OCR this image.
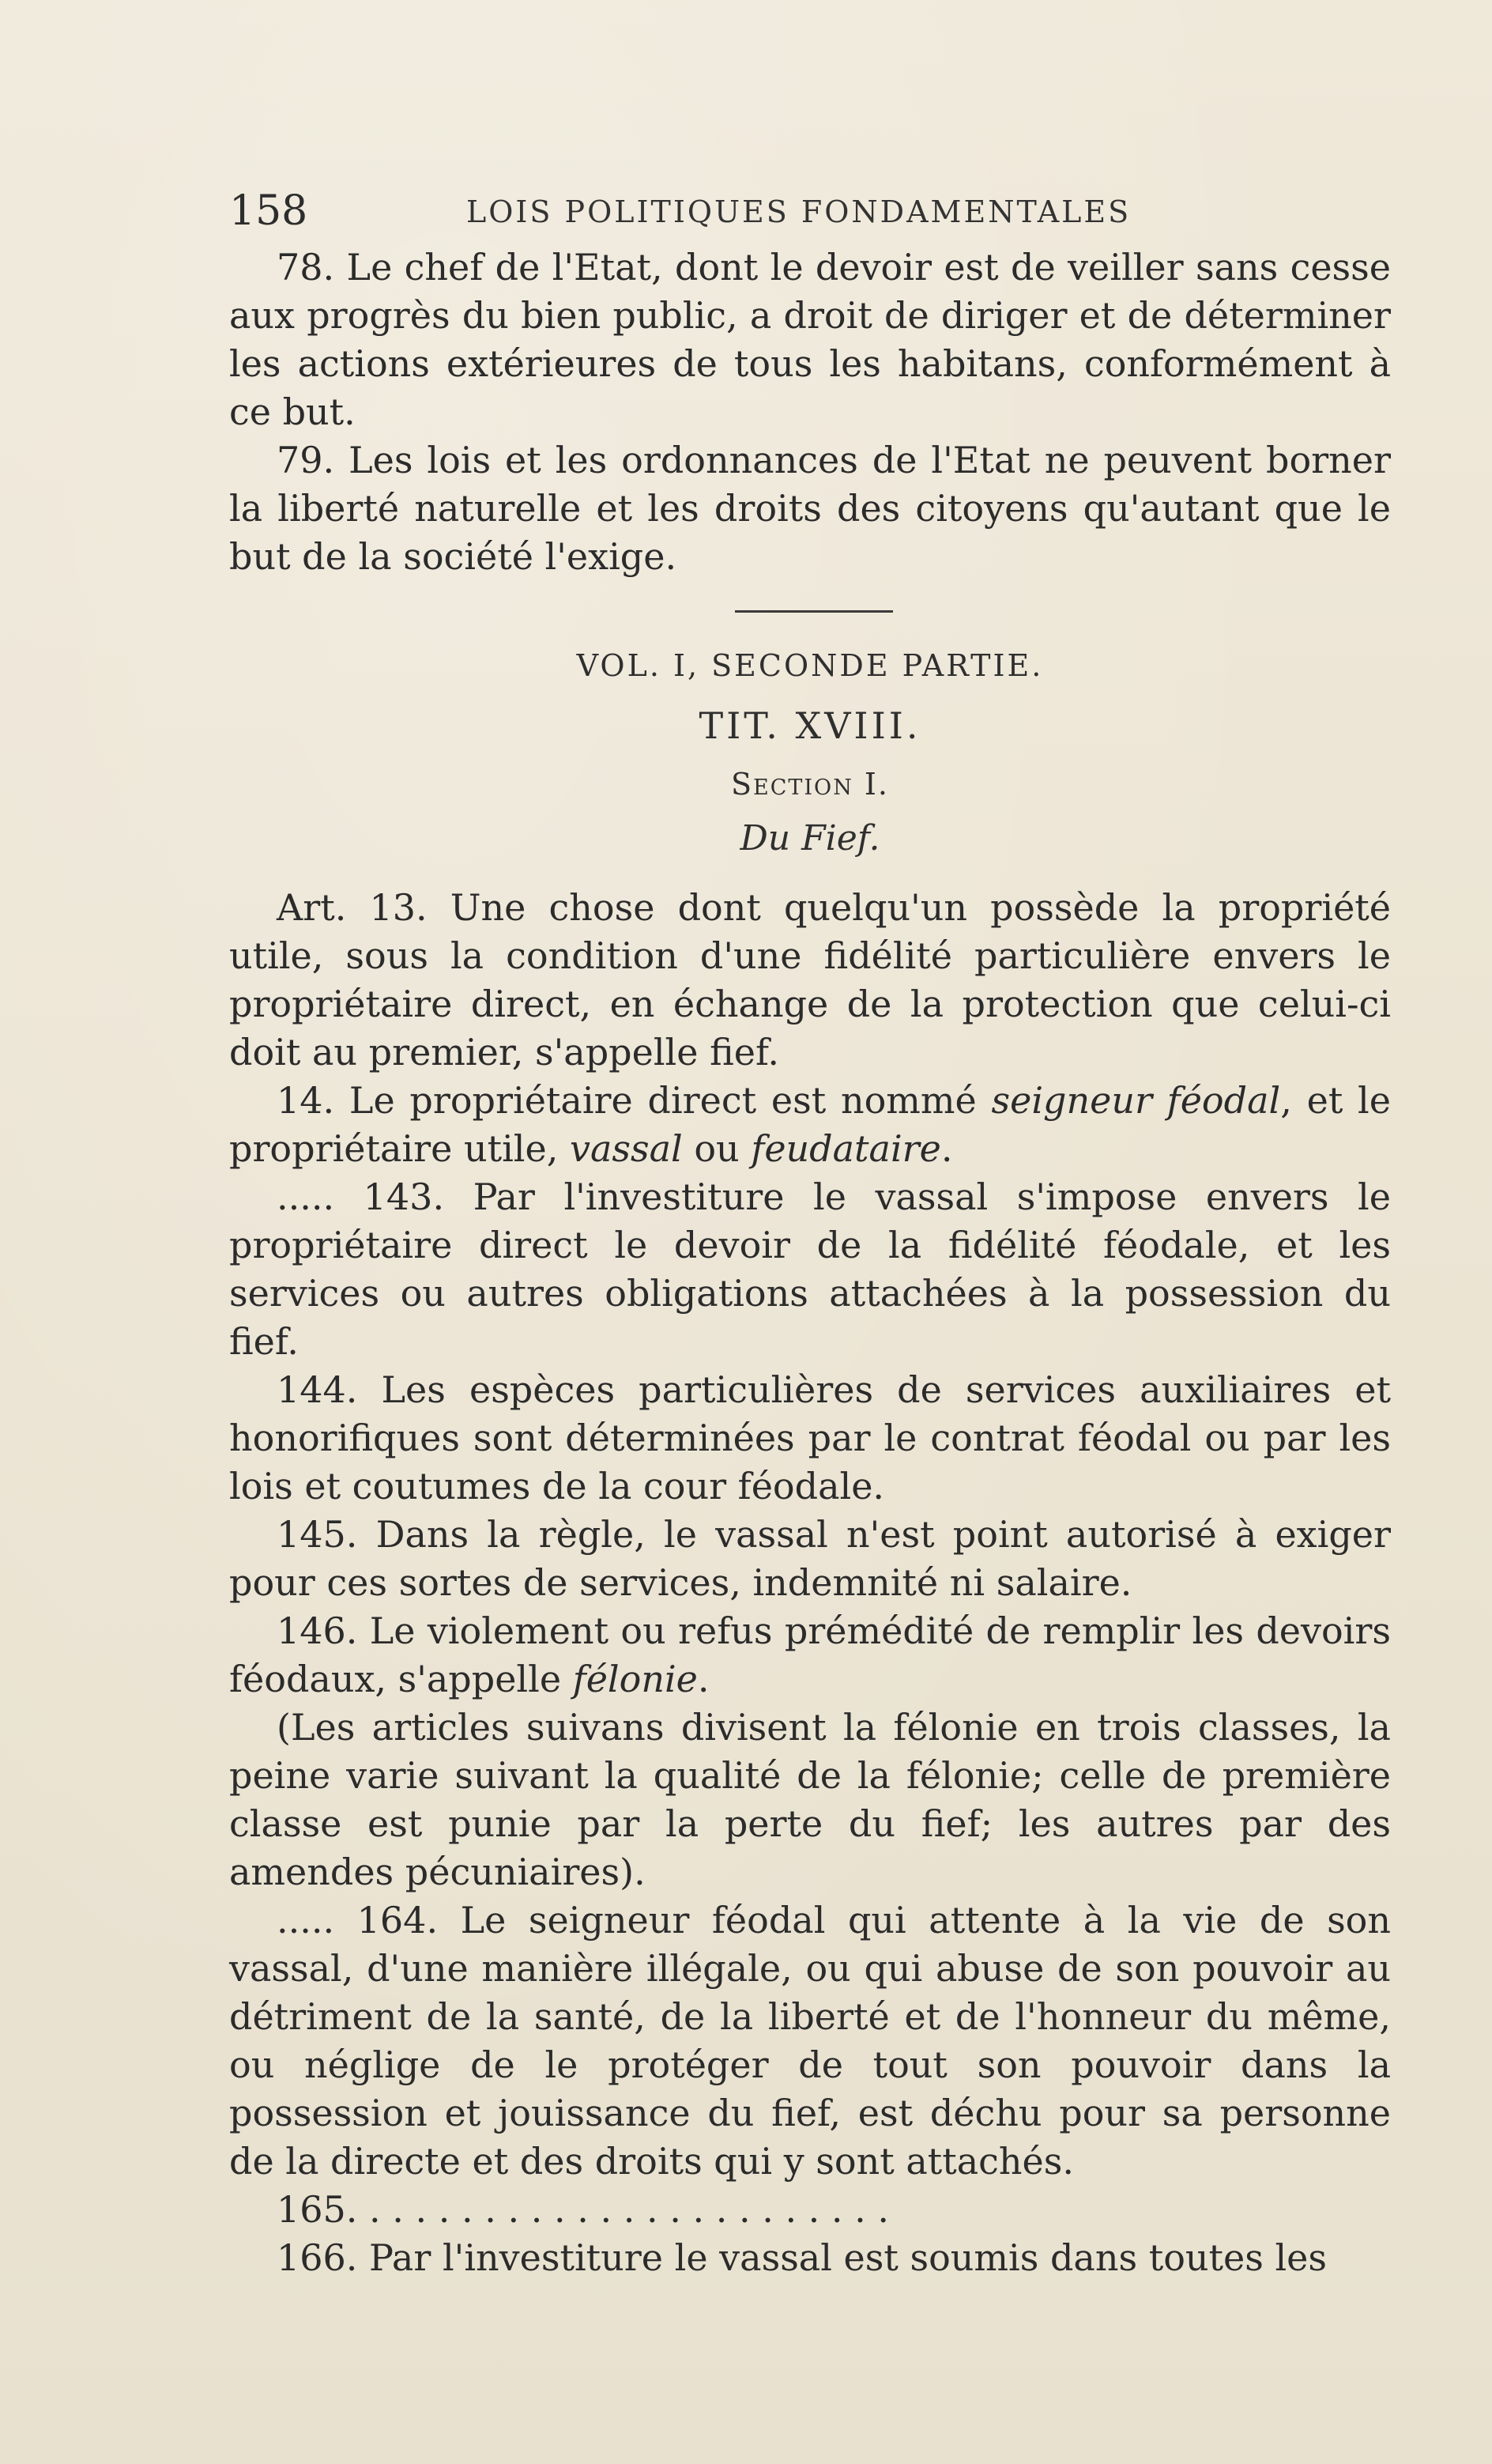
158	LOIS POLITIQUES FONDAMENTALES

78. Le chef de l'Etat, dont le devoir est de veiller sans cesse aux progrès du bien public, a droit de diriger et de déterminer les actions extérieures de tous les habitans, conformément à ce but.

79. Les lois et les ordonnances de l'Etat ne peuvent borner la liberté naturelle et les droits des citoyens qu'autant que le but de la société l'exige.

VOL. I, SECONDE PARTIE.

TIT. XVIII.

Section I.

Du Fief.

Art. 13. Une chose dont quelqu'un possède la propriété utile, sous la condition d'une fidélité particulière envers le propriétaire direct, en échange de la protection que celui-ci doit au premier, s'appelle fief.

14. Le propriétaire direct est nommé seigneur féodal, et le propriétaire utile, vassal ou feudataire.

..... 143. Par l'investiture le vassal s'impose envers le propriétaire direct le devoir de la fidélité féodale, et les services ou autres obligations attachées à la possession du fief.

144. Les espèces particulières de services auxiliaires et honorifiques sont déterminées par le contrat féodal ou par les lois et coutumes de la cour féodale.

145. Dans la règle, le vassal n'est point autorisé à exiger pour ces sortes de services, indemnité ni salaire.

146. Le violement ou refus prémédité de remplir les devoirs féodaux, s'appelle félonie.

(Les articles suivans divisent la félonie en trois classes, la peine varie suivant la qualité de la félonie; celle de première classe est punie par la perte du fief; les autres par des amendes pécuniaires).

..... 164. Le seigneur féodal qui attente à la vie de son vassal, d'une manière illégale, ou qui abuse de son pouvoir au détriment de la santé, de la liberté et de l'honneur du même, ou néglige de le protéger de tout son pouvoir dans la possession et jouissance du fief, est déchu pour sa personne de la directe et des droits qui y sont attachés.

165. . . . . . . . . . . . . . . . . . . . . . . .

166. Par l'investiture le vassal est soumis dans toutes les
